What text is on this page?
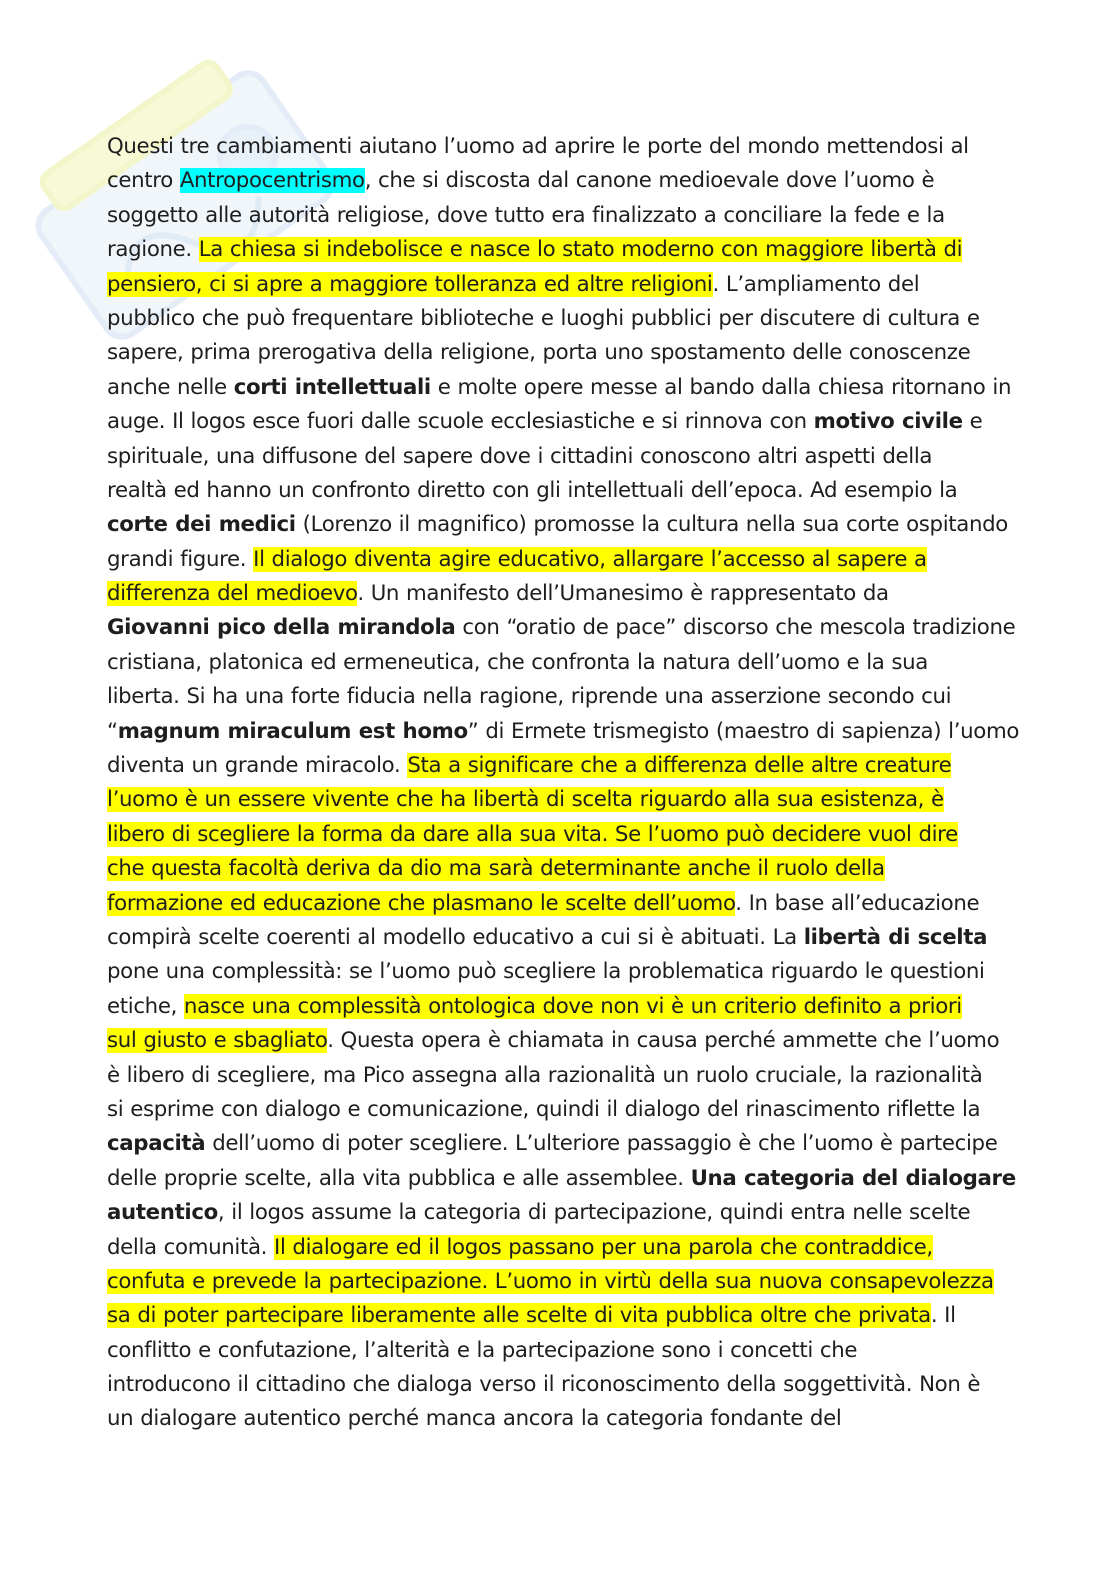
Questi tre cambiamenti aiutano l’uomo ad aprire le porte del mondo mettendosi al
centro Antropocentrismo, che si discosta dal canone medioevale dove l’uomo è
soggetto alle autorità religiose, dove tutto era finalizzato a conciliare la fede e la
ragione. La chiesa si indebolisce e nasce lo stato moderno con maggiore libertà di
pensiero, ci si apre a maggiore tolleranza ed altre religioni. L’ampliamento del
pubblico che può frequentare biblioteche e luoghi pubblici per discutere di cultura e
sapere, prima prerogativa della religione, porta uno spostamento delle conoscenze
anche nelle corti intellettuali e molte opere messe al bando dalla chiesa ritornano in
auge. Il logos esce fuori dalle scuole ecclesiastiche e si rinnova con motivo civile e
spirituale, una diffusone del sapere dove i cittadini conoscono altri aspetti della
realtà ed hanno un confronto diretto con gli intellettuali dell’epoca. Ad esempio la
corte dei medici (Lorenzo il magnifico) promosse la cultura nella sua corte ospitando
grandi figure. Il dialogo diventa agire educativo, allargare l’accesso al sapere a
differenza del medioevo. Un manifesto dell’Umanesimo è rappresentato da
Giovanni pico della mirandola con “oratio de pace” discorso che mescola tradizione
cristiana, platonica ed ermeneutica, che confronta la natura dell’uomo e la sua
liberta. Si ha una forte fiducia nella ragione, riprende una asserzione secondo cui
“magnum miraculum est homo” di Ermete trismegisto (maestro di sapienza) l’uomo
diventa un grande miracolo. Sta a significare che a differenza delle altre creature
l’uomo è un essere vivente che ha libertà di scelta riguardo alla sua esistenza, è
libero di scegliere la forma da dare alla sua vita. Se l’uomo può decidere vuol dire
che questa facoltà deriva da dio ma sarà determinante anche il ruolo della
formazione ed educazione che plasmano le scelte dell’uomo. In base all’educazione
compirà scelte coerenti al modello educativo a cui si è abituati. La libertà di scelta
pone una complessità: se l’uomo può scegliere la problematica riguardo le questioni
etiche, nasce una complessità ontologica dove non vi è un criterio definito a priori
sul giusto e sbagliato. Questa opera è chiamata in causa perché ammette che l’uomo
è libero di scegliere, ma Pico assegna alla razionalità un ruolo cruciale, la razionalità
si esprime con dialogo e comunicazione, quindi il dialogo del rinascimento riflette la
capacità dell’uomo di poter scegliere. L’ulteriore passaggio è che l’uomo è partecipe
delle proprie scelte, alla vita pubblica e alle assemblee. Una categoria del dialogare
autentico, il logos assume la categoria di partecipazione, quindi entra nelle scelte
della comunità. Il dialogare ed il logos passano per una parola che contraddice,
confuta e prevede la partecipazione. L’uomo in virtù della sua nuova consapevolezza
sa di poter partecipare liberamente alle scelte di vita pubblica oltre che privata. Il
conflitto e confutazione, l’alterità e la partecipazione sono i concetti che
introducono il cittadino che dialoga verso il riconoscimento della soggettività. Non è
un dialogare autentico perché manca ancora la categoria fondante del
